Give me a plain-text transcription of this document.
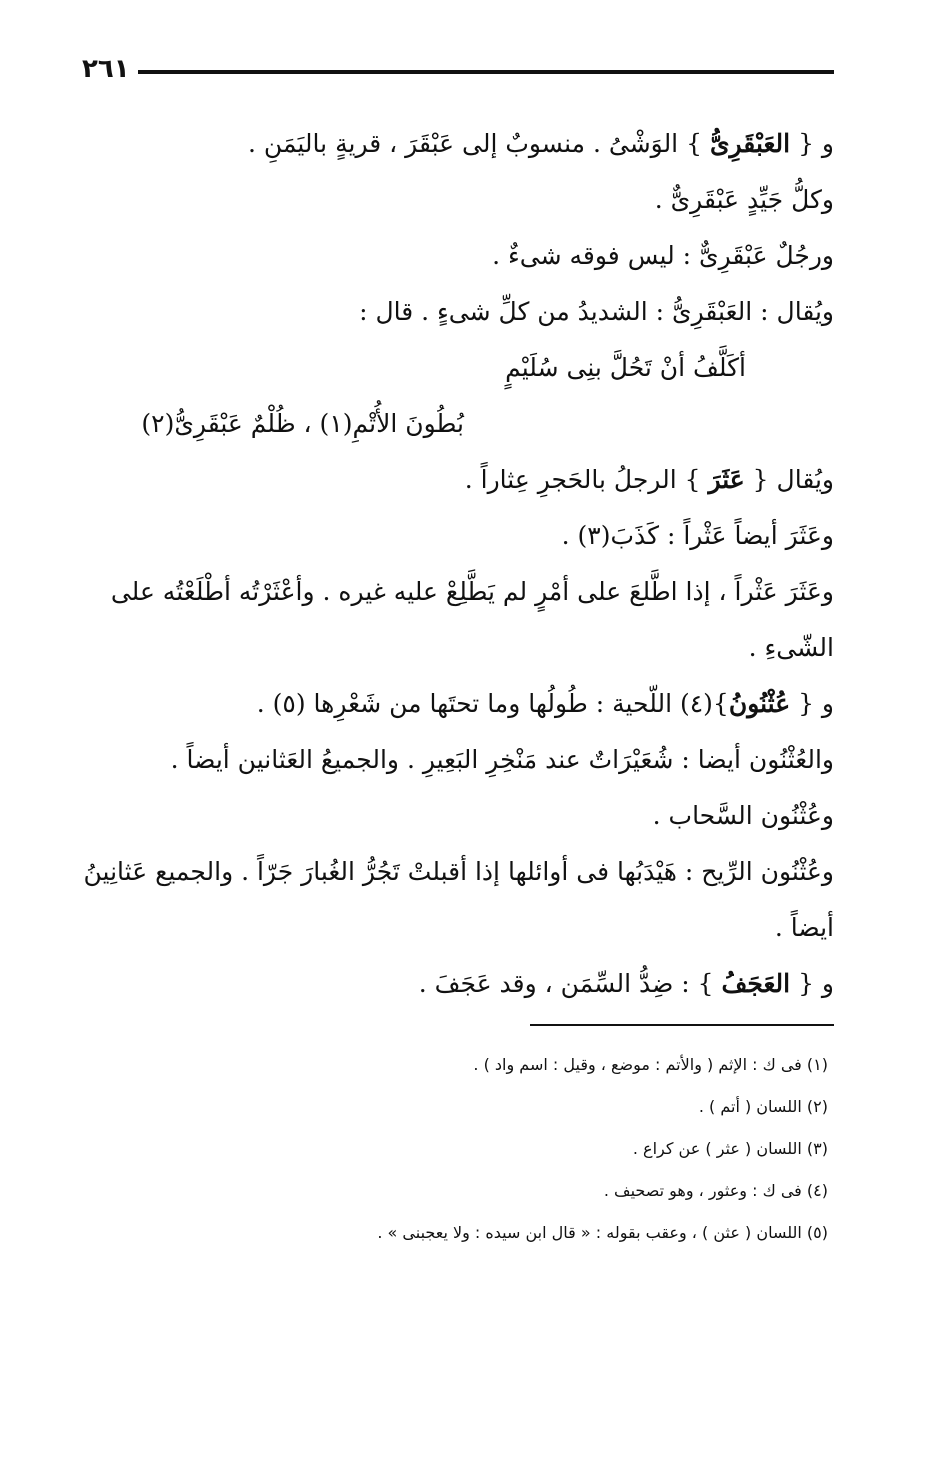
٢٦١

و { العَبْقَرِىُّ } الوَشْىُ . منسوبٌ إلى عَبْقَرَ ، قريةٍ باليَمَنِ .

وكلُّ جَيِّدٍ عَبْقَرِىٌّ .

ورجُلٌ عَبْقَرِىٌّ : ليس فوقه شىءٌ .

ويُقال : العَبْقَرِىُّ : الشديدُ من كلِّ شىءٍ . قال :

أكَلَّفُ أنْ تَحُلَّ بنِى سُلَيْمٍ

بُطُونَ الأُتْمِ(١) ، ظُلْمٌ عَبْقَرِىُّ(٢)

ويُقال { عَثَرَ } الرجلُ بالحَجرِ عِثاراً .

وعَثَرَ أيضاً عَثْراً : كَذَبَ(٣) .

وعَثَرَ عَثْراً ، إذا اطَّلعَ على أمْرٍ لم يَطَّلِعْ عليه غيره . وأعْثَرْتُه أطْلَعْتُه على الشّىءِ .

و { عُثْنُونُ}(٤) اللّحية : طُولُها وما تحتَها من شَعْرِها (٥) .

والعُثْنُون أيضا : شُعَيْرَاتٌ عند مَنْخِرِ البَعِيرِ . والجميعُ العَثانين أيضاً .

وعُثْنُون السَّحاب .

وعُثْنُون الرِّيح : هَيْدَبُها فى أوائلها إذا أقبلتْ تَجُرُّ الغُبارَ جَرّاً . والجميع عَثانِينُ أيضاً .

و { العَجَفُ } : ضِدُّ السِّمَن ، وقد عَجَفَ .

(١) فى ك : الإثم ( والأتم : موضع ، وقيل : اسم واد ) .

(٢) اللسان ( أتم ) .

(٣) اللسان ( عثر ) عن كراع .

(٤) فى ك : وعثور ، وهو تصحيف .

(٥) اللسان ( عثن ) ، وعقب بقوله : « قال ابن سيده : ولا يعجبنى » .
